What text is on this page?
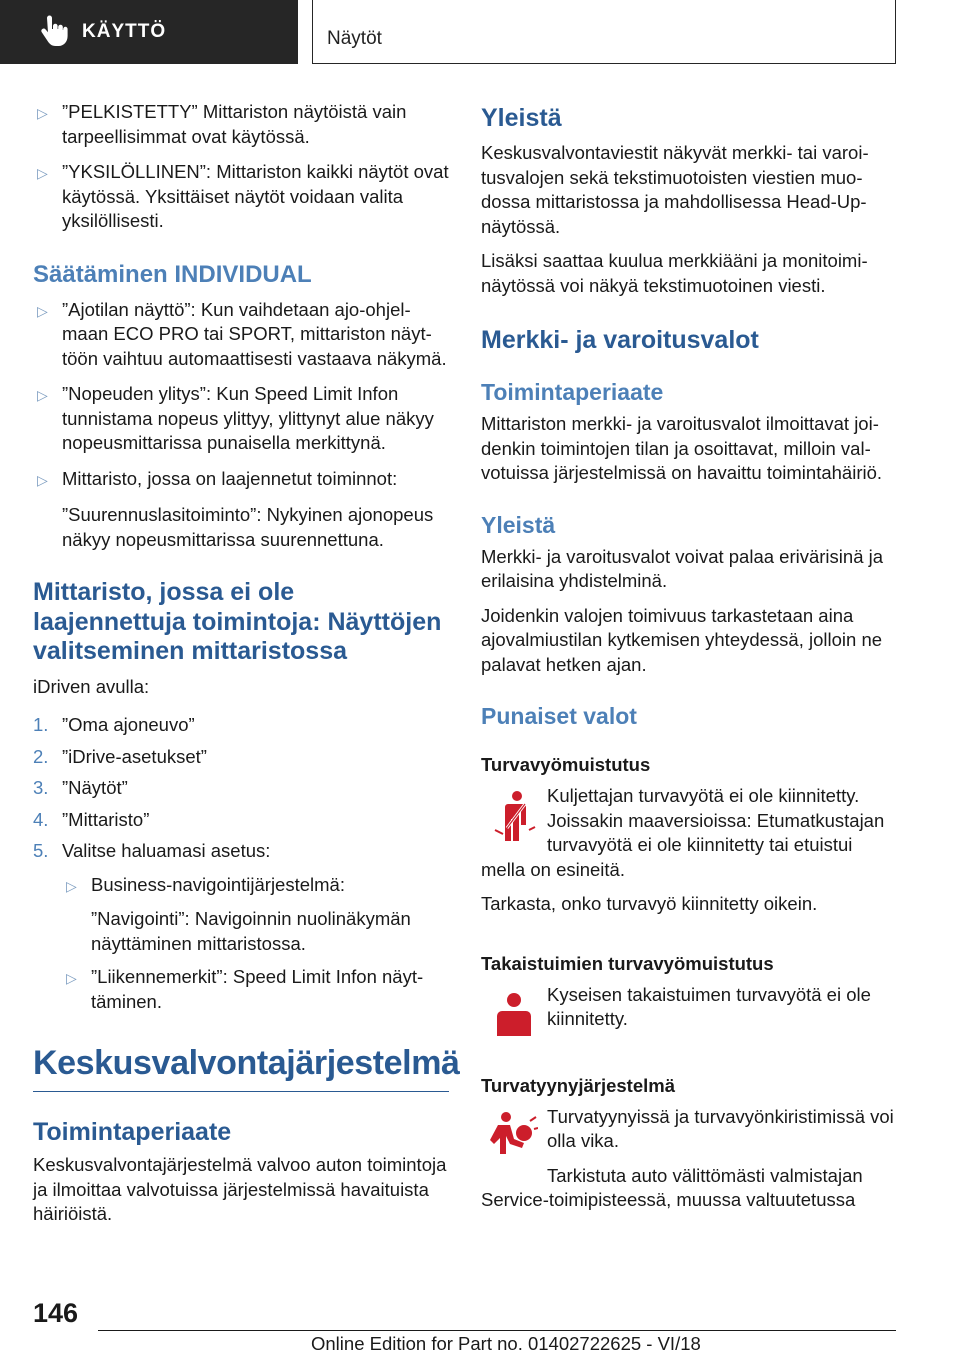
KÄYTTÖ	Näytöt
▷ ”PELKISTETTY” Mittariston näytöistä vain tarpeellisimmat ovat käytössä.
▷ ”YKSILÖLLINEN”: Mittariston kaikki näytöt ovat käytössä. Yksittäiset näytöt voidaan valita yksilöllisesti.
Säätäminen INDIVIDUAL
▷ ”Ajotilan näyttö”: Kun vaihdetaan ajo-ohjelmaan ECO PRO tai SPORT, mittariston näyttöön vaihtuu automaattisesti vastaava näkymä.
▷ ”Nopeuden ylitys”: Kun Speed Limit Infon tunnistama nopeus ylittyy, ylittynyt alue näkyy nopeusmittarissa punaisella merkittynä.
▷ Mittaristo, jossa on laajennetut toiminnot:
”Suurennuslasitoiminto”: Nykyinen ajonopeus näkyy nopeusmittarissa suurennettuna.
Mittaristo, jossa ei ole laajennettuja toimintoja: Näyttöjen valitseminen mittaristossa

iDriven avulla:

1. ”Oma ajoneuvo”
2. ”iDrive-asetukset”
3. ”Näytöt”
4. ”Mittaristo”
5. Valitse haluamasi asetus:
▷ Business-navigointijärjestelmä:
”Navigointi”: Navigoinnin nuolinäkymän näyttäminen mittaristossa.
▷ ”Liikennemerkit”: Speed Limit Infon näyttäminen.
Keskusvalvontajärjestelmä
Toimintaperiaate

Keskusvalvontajärjestelmä valvoo auton toimintoja ja ilmoittaa valvotuissa järjestelmissä havaituista häiriöistä.

Yleistä

Keskusvalvontaviestit näkyvät merkki- tai varoitusvalojen sekä tekstimuotoisten viestien muodossa mittaristossa ja mahdollisessa Head-Up-näytössä.

Lisäksi saattaa kuulua merkkiääni ja monitoiminäytössä voi näkyä tekstimuotoinen viesti.

Merkki- ja varoitusvalot
Toimintaperiaate

Mittariston merkki- ja varoitusvalot ilmoittavat joidenkin toimintojen tilan ja osoittavat, milloin valvotuissa järjestelmissä on havaittu toimintahäiriö.

Yleistä

Merkki- ja varoitusvalot voivat palaa erivärisinä ja erilaisina yhdistelminä.

Joidenkin valojen toimivuus tarkastetaan aina ajovalmiustilan kytkemisen yhteydessä, jolloin ne palavat hetken ajan.

Punaiset valot
Turvavyömuistutus

Kuljettajan turvavyötä ei ole kiinnitetty. Joissakin maaversioissa: Etumatkustajan turvavyötä ei ole kiinnitetty tai etuistui

mella on esineitä.

Tarkasta, onko turvavyö kiinnitetty oikein.

Takaistuimien turvavyömuistutus

Kyseisen takaistuimen turvavyötä ei ole kiinnitetty.

Turvatyynyjärjestelmä

Turvatyynyissä ja turvavyönkiristimissä voi olla vika.

Tarkistuta auto välittömästi valmistajan

Service-toimipisteessä, muussa valtuutetussa

146
Online Edition for Part no. 01402722625 - VI/18
